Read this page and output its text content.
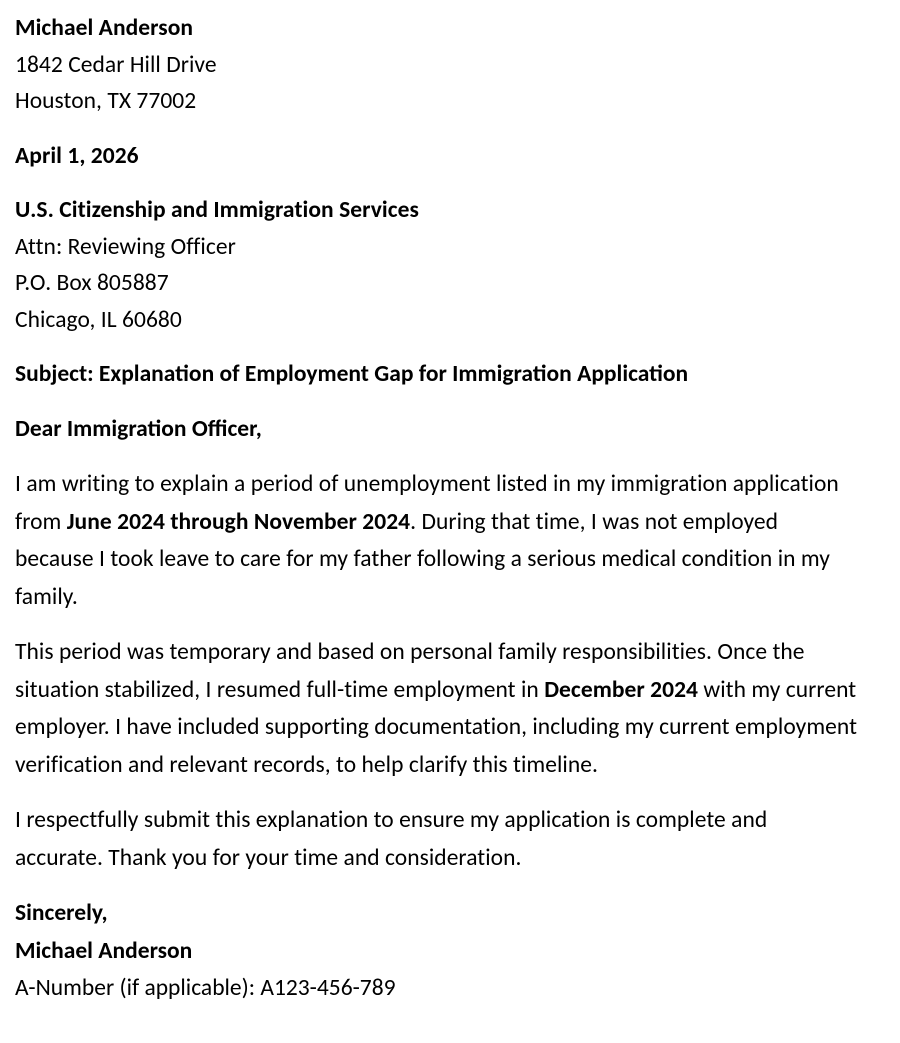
Michael Anderson
1842 Cedar Hill Drive
Houston, TX 77002
April 1, 2026
U.S. Citizenship and Immigration Services
Attn: Reviewing Officer
P.O. Box 805887
Chicago, IL 60680
Subject: Explanation of Employment Gap for Immigration Application
Dear Immigration Officer,

I am writing to explain a period of unemployment listed in my immigration application from June 2024 through November 2024. During that time, I was not employed because I took leave to care for my father following a serious medical condition in my family.

This period was temporary and based on personal family responsibilities. Once the situation stabilized, I resumed full-time employment in December 2024 with my current employer. I have included supporting documentation, including my current employment verification and relevant records, to help clarify this timeline.

I respectfully submit this explanation to ensure my application is complete and accurate. Thank you for your time and consideration.

Sincerely,
Michael Anderson
A-Number (if applicable): A123-456-789
